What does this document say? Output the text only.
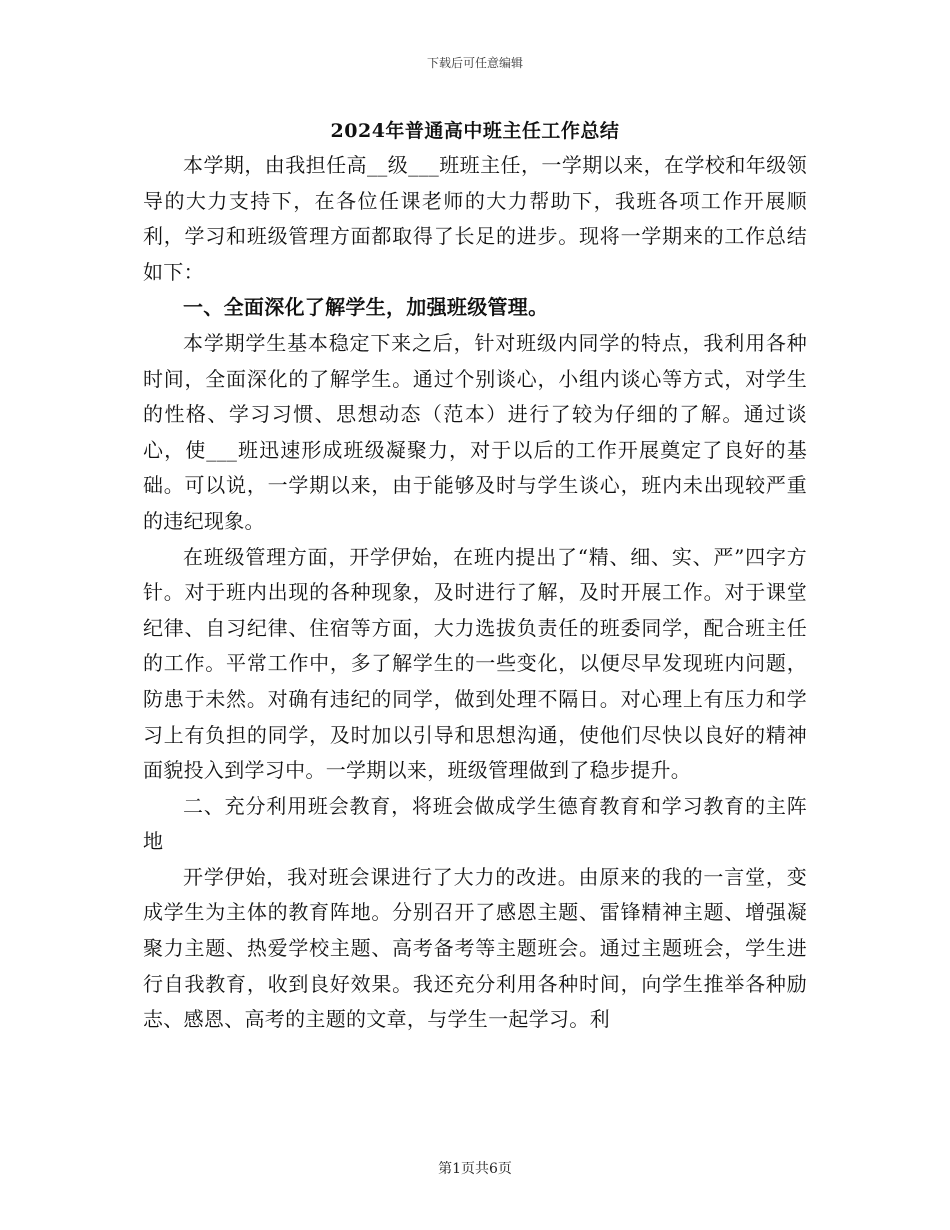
下载后可任意编辑
2024年普通高中班主任工作总结

本学期，由我担任高__级___班班主任，一学期以来，在学校和年级领导的大力支持下，在各位任课老师的大力帮助下，我班各项工作开展顺利，学习和班级管理方面都取得了长足的进步。现将一学期来的工作总结如下：

一、全面深化了解学生，加强班级管理。

本学期学生基本稳定下来之后，针对班级内同学的特点，我利用各种时间，全面深化的了解学生。通过个别谈心，小组内谈心等方式，对学生的性格、学习习惯、思想动态（范本）进行了较为仔细的了解。通过谈心，使___班迅速形成班级凝聚力，对于以后的工作开展奠定了良好的基础。可以说，一学期以来，由于能够及时与学生谈心，班内未出现较严重的违纪现象。

在班级管理方面，开学伊始，在班内提出了“精、细、实、严”四字方针。对于班内出现的各种现象，及时进行了解，及时开展工作。对于课堂纪律、自习纪律、住宿等方面，大力选拔负责任的班委同学，配合班主任的工作。平常工作中，多了解学生的一些变化，以便尽早发现班内问题，防患于未然。对确有违纪的同学，做到处理不隔日。对心理上有压力和学习上有负担的同学，及时加以引导和思想沟通，使他们尽快以良好的精神面貌投入到学习中。一学期以来，班级管理做到了稳步提升。

二、充分利用班会教育，将班会做成学生德育教育和学习教育的主阵地

开学伊始，我对班会课进行了大力的改进。由原来的我的一言堂，变成学生为主体的教育阵地。分别召开了感恩主题、雷锋精神主题、增强凝聚力主题、热爱学校主题、高考备考等主题班会。通过主题班会，学生进行自我教育，收到良好效果。我还充分利用各种时间，向学生推举各种励志、感恩、高考的主题的文章，与学生一起学习。利

第1页共6页
